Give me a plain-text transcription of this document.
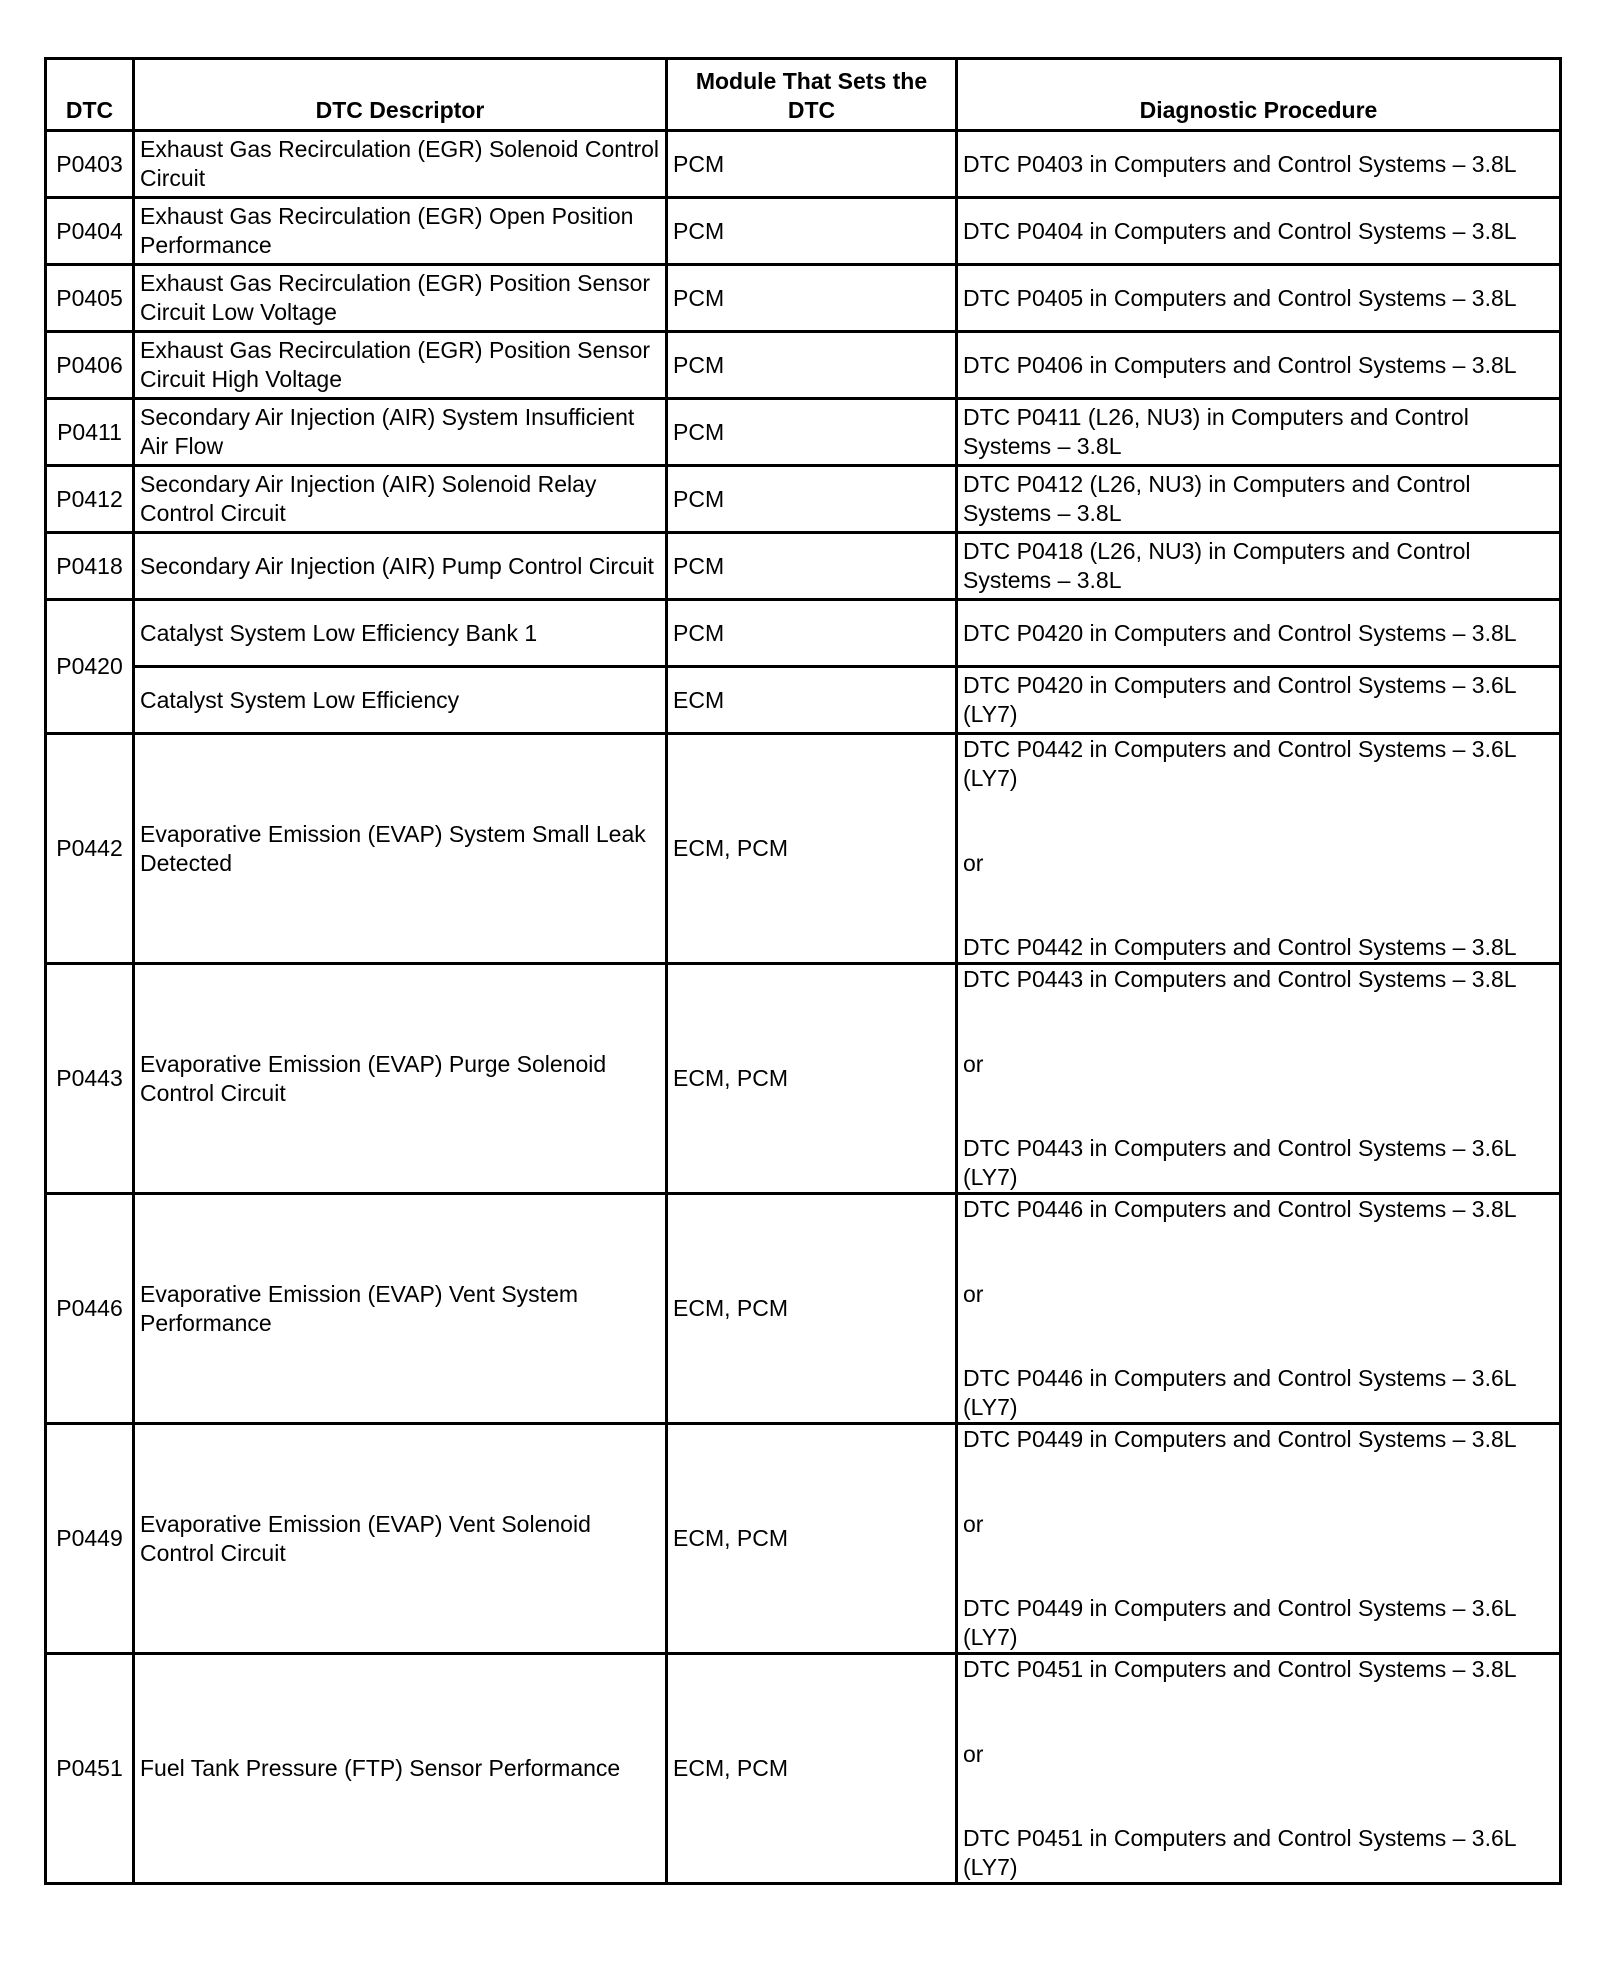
DTC	DTC Descriptor	Module That Sets the DTC	Diagnostic Procedure
P0403	Exhaust Gas Recirculation (EGR) Solenoid Control Circuit	PCM	DTC P0403 in Computers and Control Systems – 3.8L
P0404	Exhaust Gas Recirculation (EGR) Open Position Performance	PCM	DTC P0404 in Computers and Control Systems – 3.8L
P0405	Exhaust Gas Recirculation (EGR) Position Sensor Circuit Low Voltage	PCM	DTC P0405 in Computers and Control Systems – 3.8L
P0406	Exhaust Gas Recirculation (EGR) Position Sensor Circuit High Voltage	PCM	DTC P0406 in Computers and Control Systems – 3.8L
P0411	Secondary Air Injection (AIR) System Insufficient Air Flow	PCM	DTC P0411 (L26, NU3) in Computers and Control Systems – 3.8L
P0412	Secondary Air Injection (AIR) Solenoid Relay Control Circuit	PCM	DTC P0412 (L26, NU3) in Computers and Control Systems – 3.8L
P0418	Secondary Air Injection (AIR) Pump Control Circuit	PCM	DTC P0418 (L26, NU3) in Computers and Control Systems – 3.8L
P0420	Catalyst System Low Efficiency Bank 1	PCM	DTC P0420 in Computers and Control Systems – 3.8L
	Catalyst System Low Efficiency	ECM	DTC P0420 in Computers and Control Systems – 3.6L (LY7)
P0442	Evaporative Emission (EVAP) System Small Leak Detected	ECM, PCM	DTC P0442 in Computers and Control Systems – 3.6L (LY7)
or
DTC P0442 in Computers and Control Systems – 3.8L

P0443	Evaporative Emission (EVAP) Purge Solenoid Control Circuit	ECM, PCM	DTC P0443 in Computers and Control Systems – 3.8L
or
DTC P0443 in Computers and Control Systems – 3.6L (LY7)

P0446	Evaporative Emission (EVAP) Vent System Performance	ECM, PCM	DTC P0446 in Computers and Control Systems – 3.8L
or
DTC P0446 in Computers and Control Systems – 3.6L (LY7)

P0449	Evaporative Emission (EVAP) Vent Solenoid Control Circuit	ECM, PCM	DTC P0449 in Computers and Control Systems – 3.8L
or
DTC P0449 in Computers and Control Systems – 3.6L (LY7)

P0451	Fuel Tank Pressure (FTP) Sensor Performance	ECM, PCM	DTC P0451 in Computers and Control Systems – 3.8L
or
DTC P0451 in Computers and Control Systems – 3.6L (LY7)
